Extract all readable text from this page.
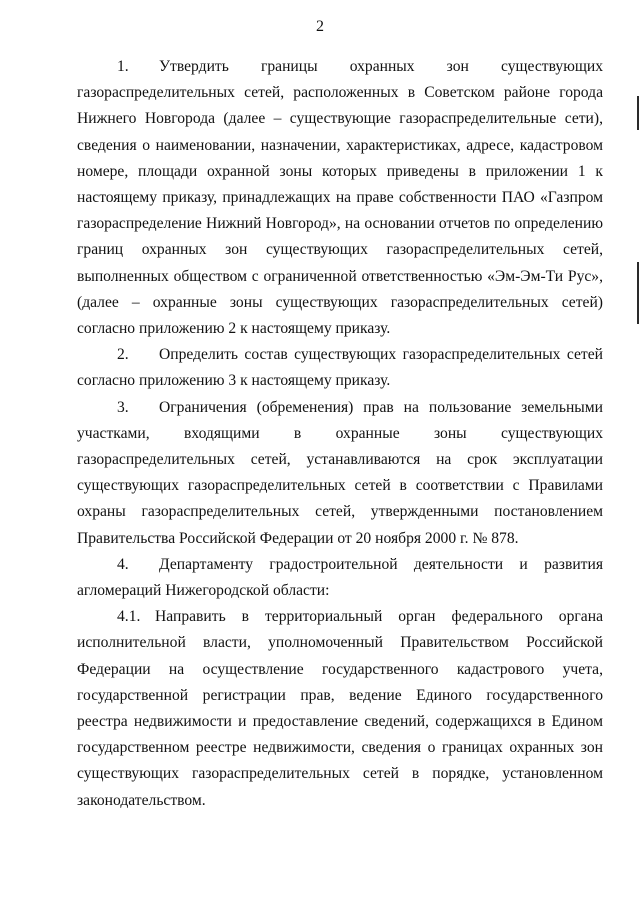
2

1. Утвердить границы охранных зон существующих газораспределительных сетей, расположенных в Советском районе города Нижнего Новгорода (далее – существующие газораспределительные сети), сведения о наименовании, назначении, характеристиках, адресе, кадастровом номере, площади охранной зоны которых приведены в приложении 1 к настоящему приказу, принадлежащих на праве собственности ПАО «Газпром газораспределение Нижний Новгород», на основании отчетов по определению границ охранных зон существующих газораспределительных сетей, выполненных обществом с ограниченной ответственностью «Эм-Эм-Ти Рус», (далее – охранные зоны существующих газораспределительных сетей) согласно приложению 2 к настоящему приказу.

2. Определить состав существующих газораспределительных сетей согласно приложению 3 к настоящему приказу.

3. Ограничения (обременения) прав на пользование земельными участками, входящими в охранные зоны существующих газораспределительных сетей, устанавливаются на срок эксплуатации существующих газораспределительных сетей в соответствии с Правилами охраны газораспределительных сетей, утвержденными постановлением Правительства Российской Федерации от 20 ноября 2000 г. № 878.

4. Департаменту градостроительной деятельности и развития агломераций Нижегородской области:

4.1. Направить в территориальный орган федерального органа исполнительной власти, уполномоченный Правительством Российской Федерации на осуществление государственного кадастрового учета, государственной регистрации прав, ведение Единого государственного реестра недвижимости и предоставление сведений, содержащихся в Едином государственном реестре недвижимости, сведения о границах охранных зон существующих газораспределительных сетей в порядке, установленном законодательством.
